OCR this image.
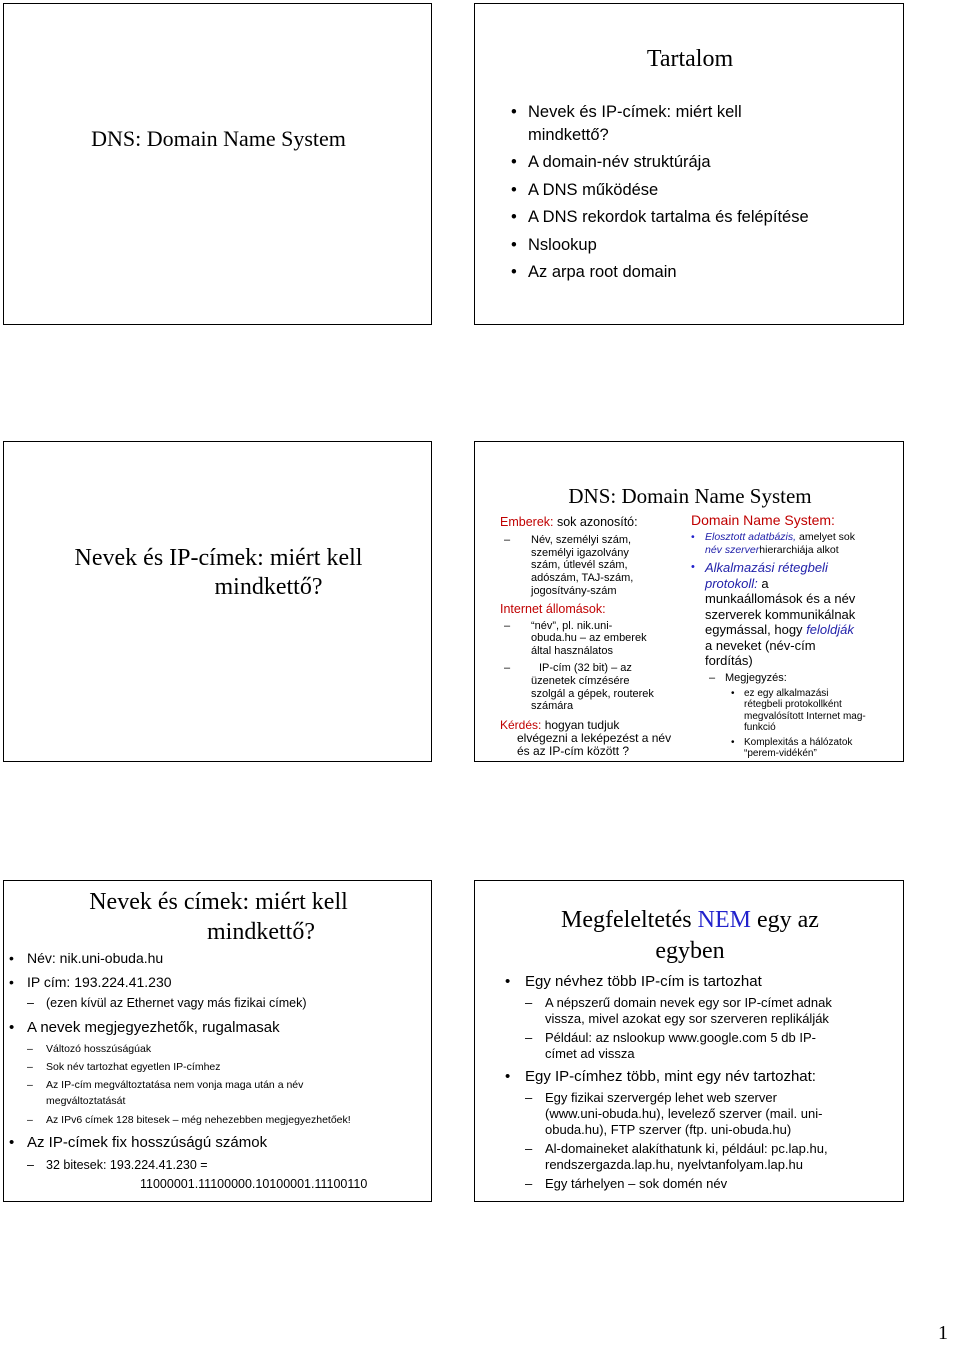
DNS: Domain Name System
Tartalom
• Nevek és IP-címek: miért kell
mindkettő?
• A domain-név struktúrája
• A DNS működése
• A DNS rekordok tartalma és felépítése
• Nslookup
• Az arpa root domain
Nevek és IP-címek: miért kell
mindkettő?
DNS: Domain Name System
Emberek: sok azonosító:
– Név, személyi szám,
személyi igazolvány
szám, útlevél szám,
adószám, TAJ-szám,
jogosítvány-szám
Internet állomások:
– “név”, pl. nik.uni-
obuda.hu – az emberek
által használatos
–	IP-cím (32 bit) – az
üzenetek címzésére
szolgál a gépek, routerek
számára
Kérdés: hogyan tudjuk
elvégezni a leképezést a név
és az IP-cím között ?
Domain Name System:
• Elosztott adatbázis, amelyet sok
név szerverhierarchiája alkot
• Alkalmazási rétegbeli
protokoll: a
munkaállomások és a név
szerverek kommunikálnak
egymással, hogy feloldják
a neveket (név-cím
fordítás)
– Megjegyzés:
• ez egy alkalmazási
rétegbeli protokollként
megvalósított Internet mag-
funkció
• Komplexitás a hálózatok
“perem-vidékén”
Nevek és címek: miért kell
mindkettő?
• Név: nik.uni-obuda.hu
• IP cím: 193.224.41.230
– (ezen kívül az Ethernet vagy más fizikai címek)
• A nevek megjegyezhetők, rugalmasak
– Változó hosszúságúak
– Sok név tartozhat egyetlen IP-címhez
– Az IP-cím megváltoztatása nem vonja maga után a név
megváltoztatását
– Az IPv6 címek 128 bitesek – még nehezebben megjegyezhetőek!
• Az IP-címek fix hosszúságú számok
– 32 bitesek: 193.224.41.230 =
11000001.11100000.10100001.11100110
Megfeleltetés NEM egy az
egyben
• Egy névhez több IP-cím is tartozhat
– A népszerű domain nevek egy sor IP-címet adnak
vissza, mivel azokat egy sor szerveren replikálják
– Például: az nslookup www.google.com 5 db IP-
címet ad vissza
• Egy IP-címhez több, mint egy név tartozhat:
– Egy fizikai szervergép lehet web szerver
(www.uni-obuda.hu), levelező szerver (mail. uni-
obuda.hu), FTP szerver (ftp. uni-obuda.hu)
– Al-domaineket alakíthatunk ki, például: pc.lap.hu,
rendszergazda.lap.hu, nyelvtanfolyam.lap.hu
– Egy tárhelyen – sok domén név
1
